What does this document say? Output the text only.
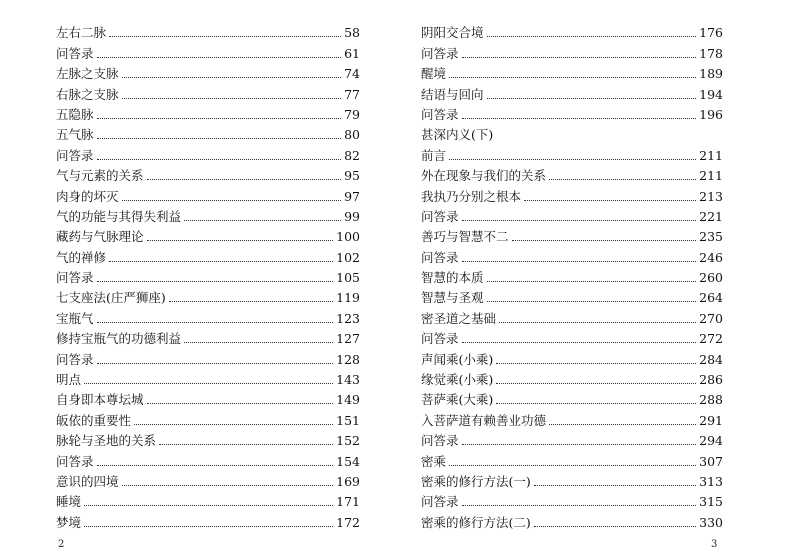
左右二脉	58
问答录	61
左脉之支脉	74
右脉之支脉	77
五隐脉	79
五气脉	80
问答录	82
气与元素的关系	95
肉身的坏灭	97
气的功能与其得失利益	99
藏药与气脉理论	100
气的禅修	102
问答录	105
七支座法(庄严狮座)	119
宝瓶气	123
修持宝瓶气的功德利益	127
问答录	128
明点	143
自身即本尊坛城	149
皈依的重要性	151
脉轮与圣地的关系	152
问答录	154
意识的四境	169
睡境	171
梦境	172
阴阳交合境	176
问答录	178
醒境	189
结语与回向	194
问答录	196
甚深内义(下)
前言	211
外在现象与我们的关系	211
我执乃分别之根本	213
问答录	221
善巧与智慧不二	235
问答录	246
智慧的本质	260
智慧与圣观	264
密圣道之基础	270
问答录	272
声闻乘(小乘)	284
缘觉乘(小乘)	286
菩萨乘(大乘)	288
入菩萨道有赖善业功德	291
问答录	294
密乘	307
密乘的修行方法(一)	313
问答录	315
密乘的修行方法(二)	330
2	3
